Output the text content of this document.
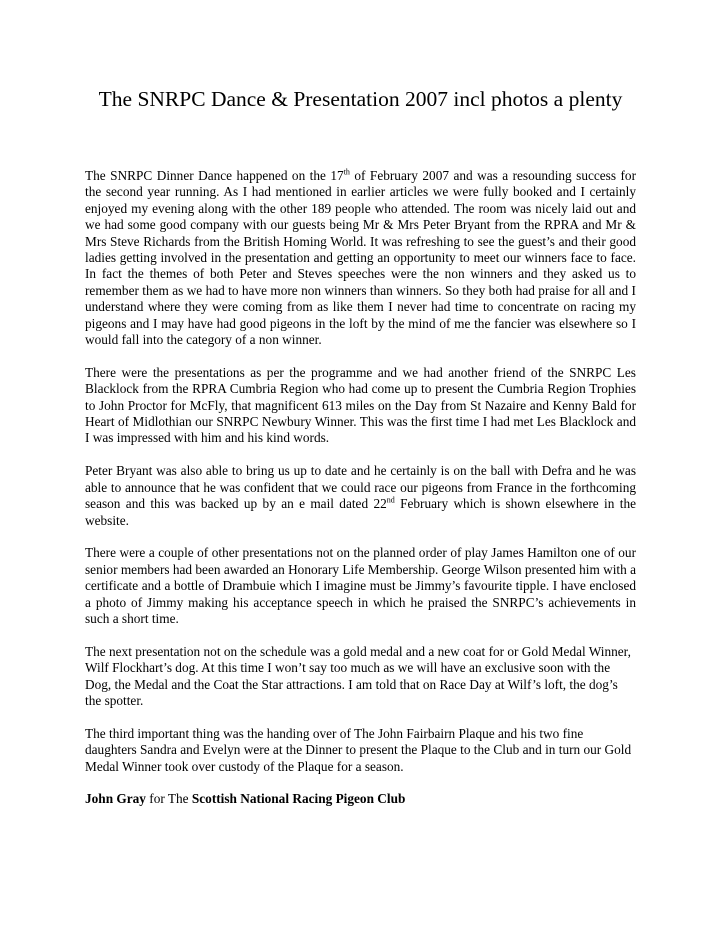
The SNRPC Dance & Presentation 2007 incl photos a plenty

The SNRPC Dinner Dance happened on the 17th of February 2007 and was a resounding success for the second year running. As I had mentioned in earlier articles we were fully booked and I certainly enjoyed my evening along with the other 189 people who attended. The room was nicely laid out and we had some good company with our guests being Mr & Mrs Peter Bryant from the RPRA and Mr & Mrs Steve Richards from the British Homing World. It was refreshing to see the guest’s and their good ladies getting involved in the presentation and getting an opportunity to meet our winners face to face. In fact the themes of both Peter and Steves speeches were the non winners and they asked us to remember them as we had to have more non winners than winners. So they both had praise for all and I understand where they were coming from as like them I never had time to concentrate on racing my pigeons and I may have had good pigeons in the loft by the mind of me the fancier was elsewhere so I would fall into the category of a non winner.

There were the presentations as per the programme and we had another friend of the SNRPC Les Blacklock from the RPRA Cumbria Region who had come up to present the Cumbria Region Trophies to John Proctor for McFly, that magnificent 613 miles on the Day from St Nazaire and Kenny Bald for Heart of Midlothian our SNRPC Newbury Winner. This was the first time I had met Les Blacklock and I was impressed with him and his kind words.

Peter Bryant was also able to bring us up to date and he certainly is on the ball with Defra and he was able to announce that he was confident that we could race our pigeons from France in the forthcoming season and this was backed up by an e mail dated 22nd February which is shown elsewhere in the website.

There were a couple of other presentations not on the planned order of play James Hamilton one of our senior members had been awarded an Honorary Life Membership. George Wilson presented him with a certificate and a bottle of Drambuie which I imagine must be Jimmy’s favourite tipple. I have enclosed a photo of Jimmy making his acceptance speech in which he praised the SNRPC’s achievements in such a short time.

The next presentation not on the schedule was a gold medal and a new coat for or Gold Medal Winner, Wilf Flockhart’s dog. At this time I won’t say too much as we will have an exclusive soon with the Dog, the Medal and the Coat the Star attractions. I am told that on Race Day at Wilf’s loft, the dog’s the spotter.

The third important thing was the handing over of The John Fairbairn Plaque and his two fine daughters Sandra and Evelyn were at the Dinner to present the Plaque to the Club and in turn our Gold Medal Winner took over custody of the Plaque for a season.

John Gray for The Scottish National Racing Pigeon Club
